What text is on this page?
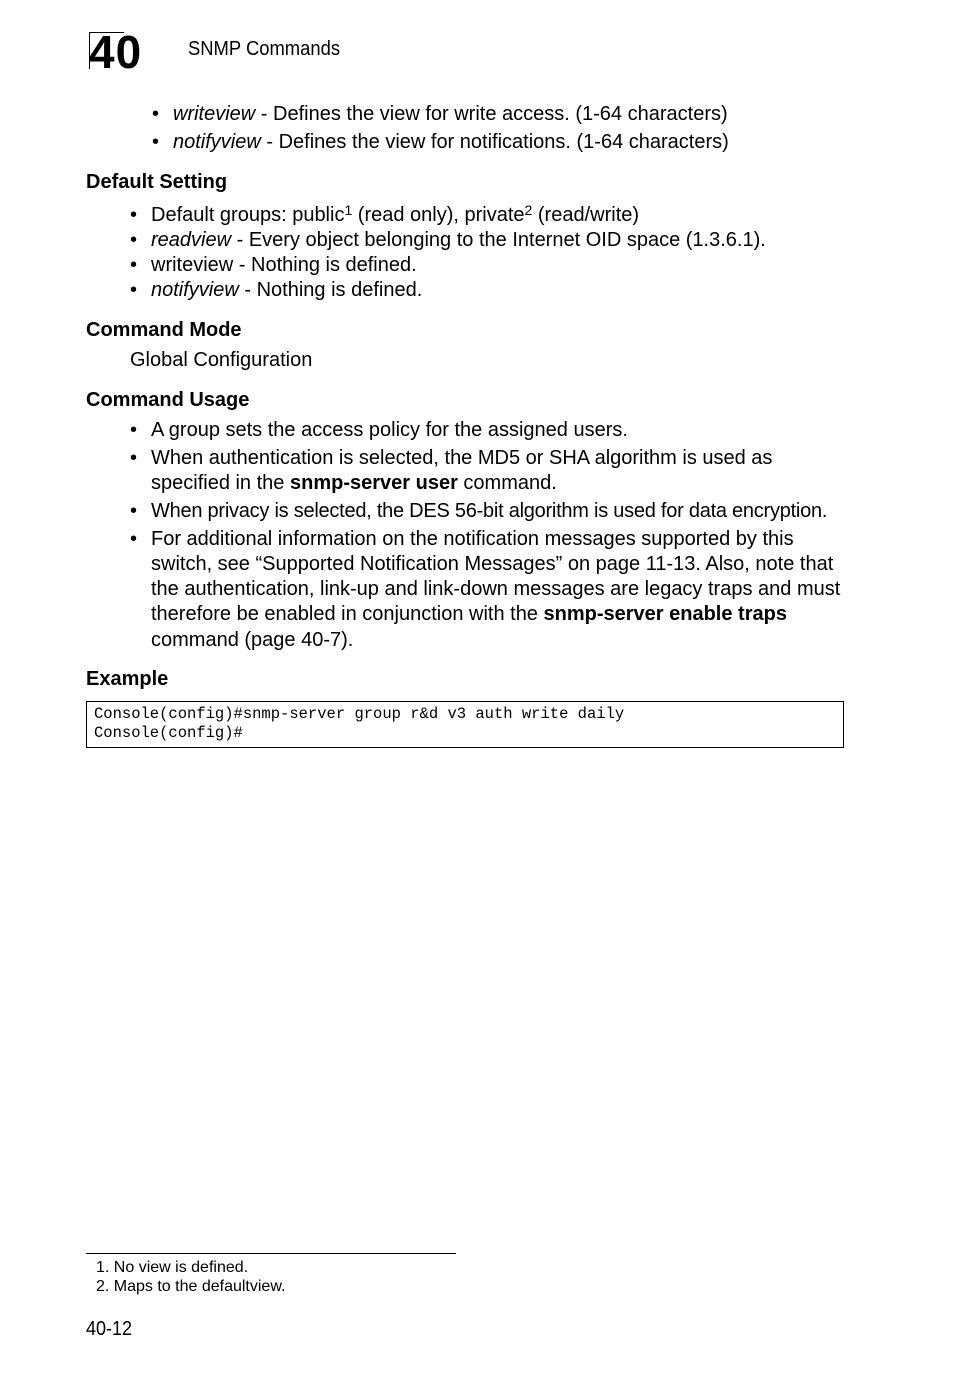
40 SNMP Commands
• writeview - Defines the view for write access. (1-64 characters)
• notifyview - Defines the view for notifications. (1-64 characters)
Default Setting
• Default groups: public$^1$ (read only), private$^2$ (read/write)
• readview - Every object belonging to the Internet OID space (1.3.6.1).
• writeview - Nothing is defined.
• notifyview - Nothing is defined.
Command Mode
Global Configuration
Command Usage
• A group sets the access policy for the assigned users.
• When authentication is selected, the MD5 or SHA algorithm is used as
specified in the snmp-server user command.
• When privacy is selected, the DES 56-bit algorithm is used for data encryption.
• For additional information on the notification messages supported by this
switch, see “Supported Notification Messages” on page 11-13. Also, note that
the authentication, link-up and link-down messages are legacy traps and must
therefore be enabled in conjunction with the snmp-server enable traps
command (page 40-7).
Example
Console(config)#snmp-server group r&d v3 auth write daily
Console(config)#
1. No view is defined.
2. Maps to the defaultview.
40-12
